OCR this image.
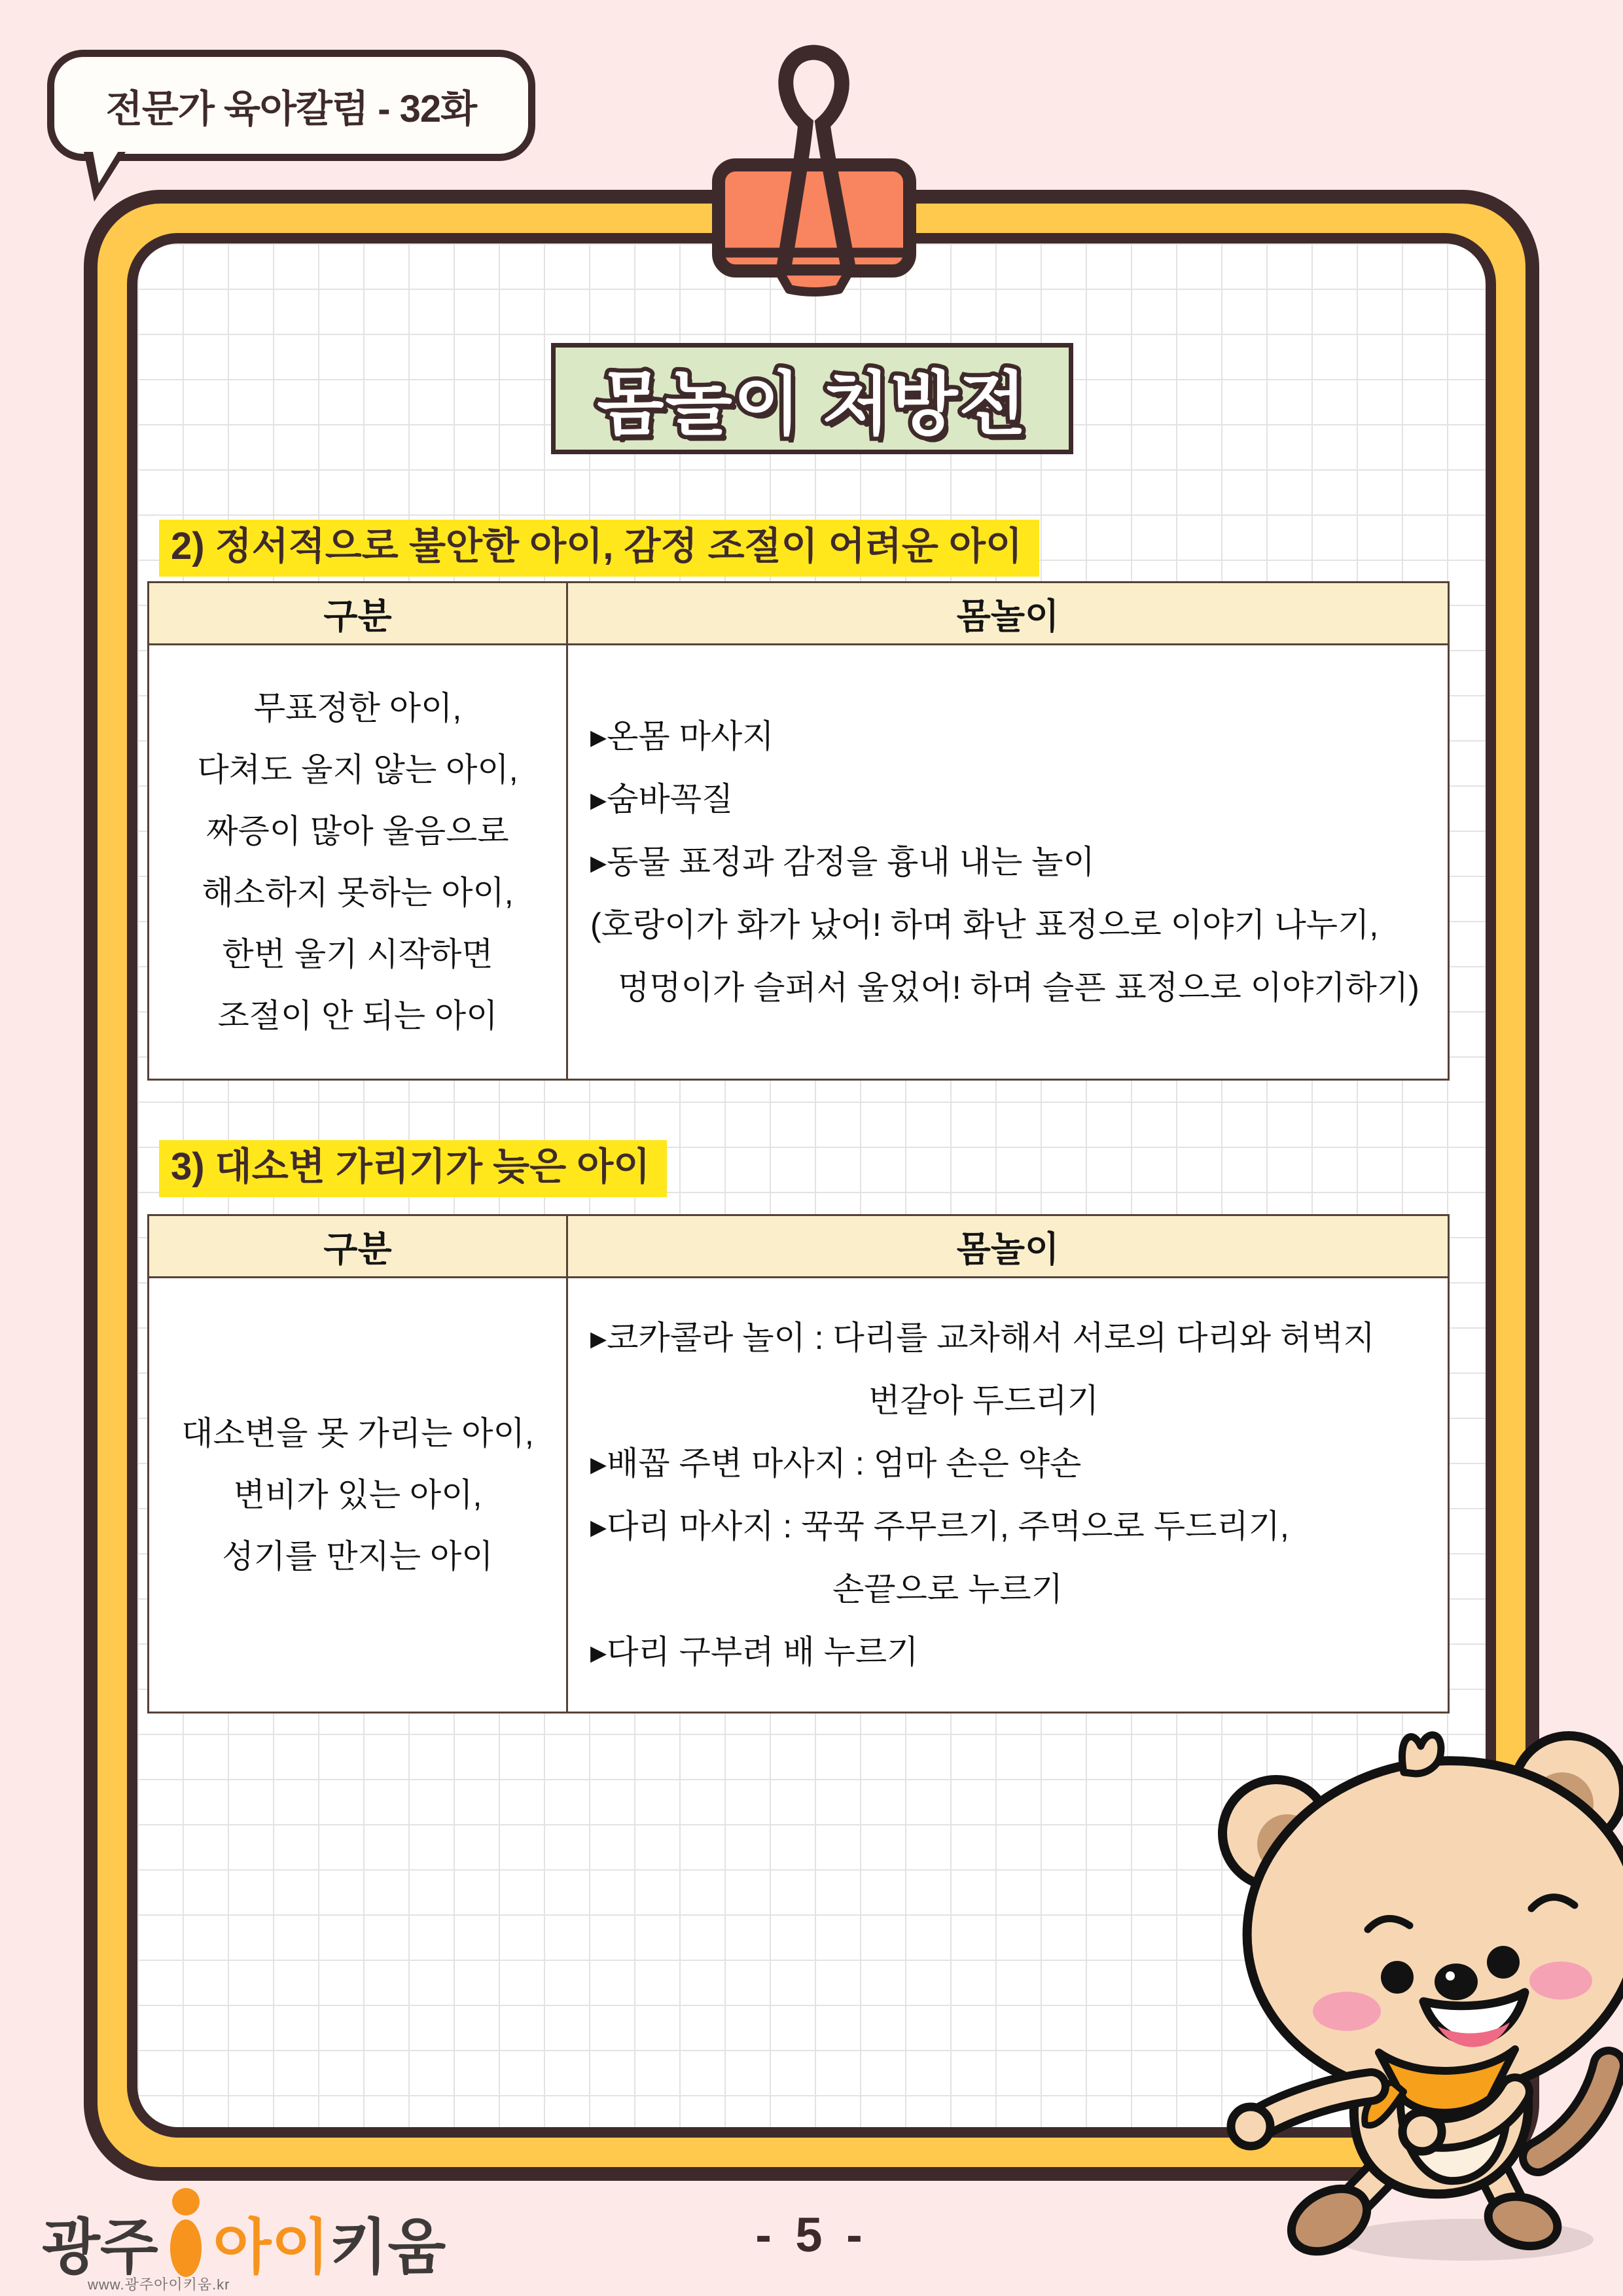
전문가 육아칼럼 - 32화
몸놀이 처방전
2) 정서적으로 불안한 아이, 감정 조절이 어려운 아이
구분	몸놀이
무표정한 아이,
다쳐도 울지 않는 아이,
짜증이 많아 울음으로
해소하지 못하는 아이,
한번 울기 시작하면
조절이 안 되는 아이
▸온몸 마사지
▸숨바꼭질
▸동물 표정과 감정을 흉내 내는 놀이
(호랑이가 화가 났어! 하며 화난 표정으로 이야기 나누기,
멍멍이가 슬퍼서 울었어! 하며 슬픈 표정으로 이야기하기)
3) 대소변 가리기가 늦은 아이
구분	몸놀이
대소변을 못 가리는 아이,
변비가 있는 아이,
성기를 만지는 아이
▸코카콜라 놀이 : 다리를 교차해서 서로의 다리와 허벅지
번갈아 두드리기
▸배꼽 주변 마사지 : 엄마 손은 약손
▸다리 마사지 : 꾹꾹 주무르기, 주먹으로 두드리기,
손끝으로 누르기
▸다리 구부려 배 누르기
광주 아이 키움
www.광주아이키움.kr
- 5 -
